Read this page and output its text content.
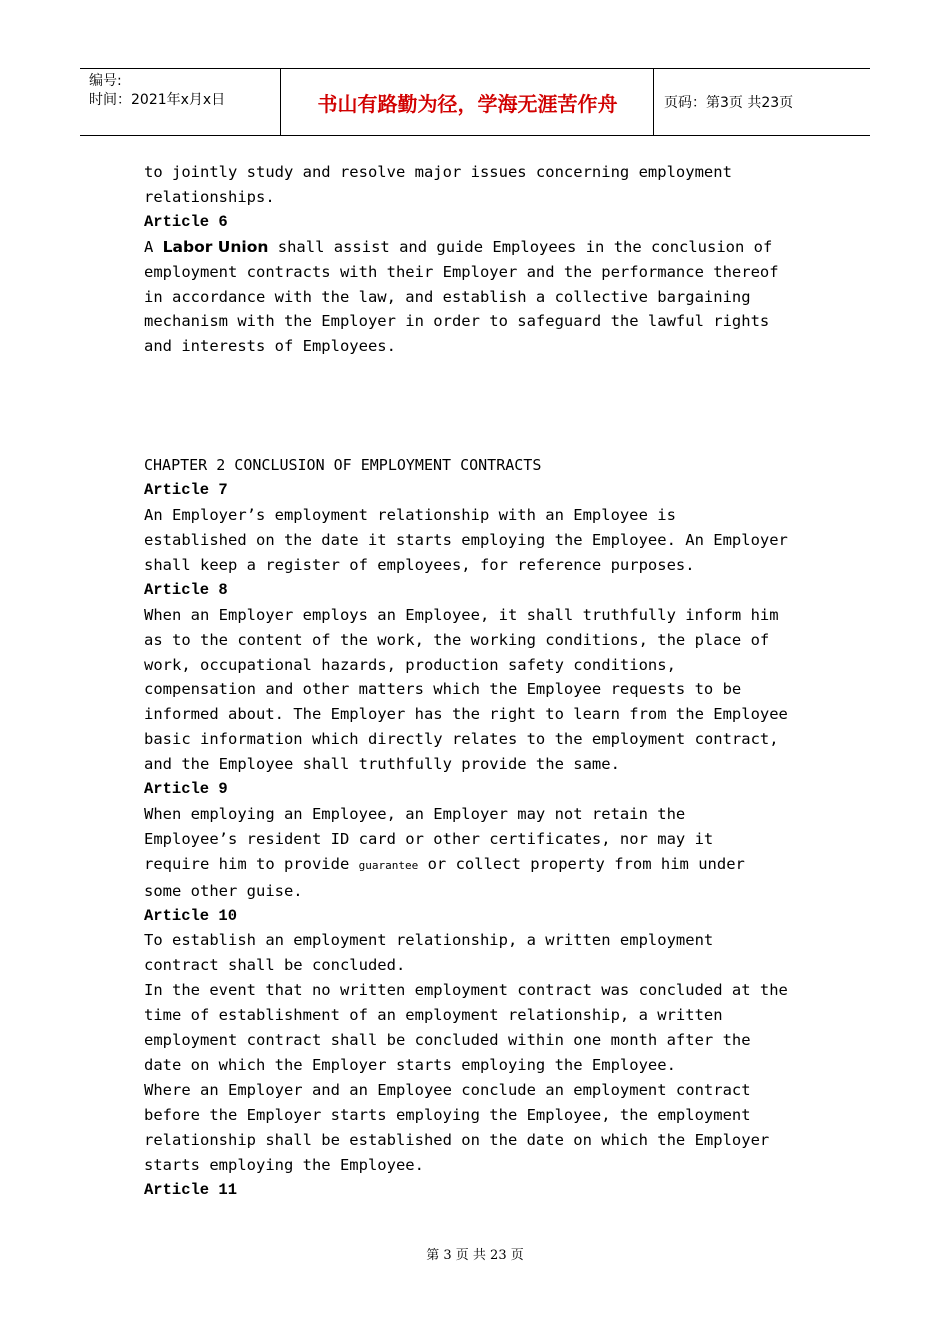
编号:
时间：2021年x月x日	书山有路勤为径，学海无涯苦作舟	页码：第3页 共23页

to jointly study and resolve major issues concerning employment

relationships.

Article 6

A Labor Union shall assist and guide Employees in the conclusion of

employment contracts with their Employer and the performance thereof

in accordance with the law, and establish a collective bargaining

mechanism with the Employer in order to safeguard the lawful rights

and interests of Employees.

CHAPTER 2 CONCLUSION OF EMPLOYMENT CONTRACTS

Article 7

An Employer’s employment relationship with an Employee is

established on the date it starts employing the Employee. An Employer

shall keep a register of employees, for reference purposes.

Article 8

When an Employer employs an Employee, it shall truthfully inform him

as to the content of the work, the working conditions, the place of

work, occupational hazards, production safety conditions,

compensation and other matters which the Employee requests to be

informed about. The Employer has the right to learn from the Employee

basic information which directly relates to the employment contract,

and the Employee shall truthfully provide the same.

Article 9

When employing an Employee, an Employer may not retain the

Employee’s resident ID card or other certificates, nor may it

require him to provide guarantee or collect property from him under

some other guise.

Article 10

To establish an employment relationship, a written employment

contract shall be concluded.

In the event that no written employment contract was concluded at the

time of establishment of an employment relationship, a written

employment contract shall be concluded within one month after the

date on which the Employer starts employing the Employee.

Where an Employer and an Employee conclude an employment contract

before the Employer starts employing the Employee, the employment

relationship shall be established on the date on which the Employer

starts employing the Employee.

Article 11

第 3 页 共 23 页
